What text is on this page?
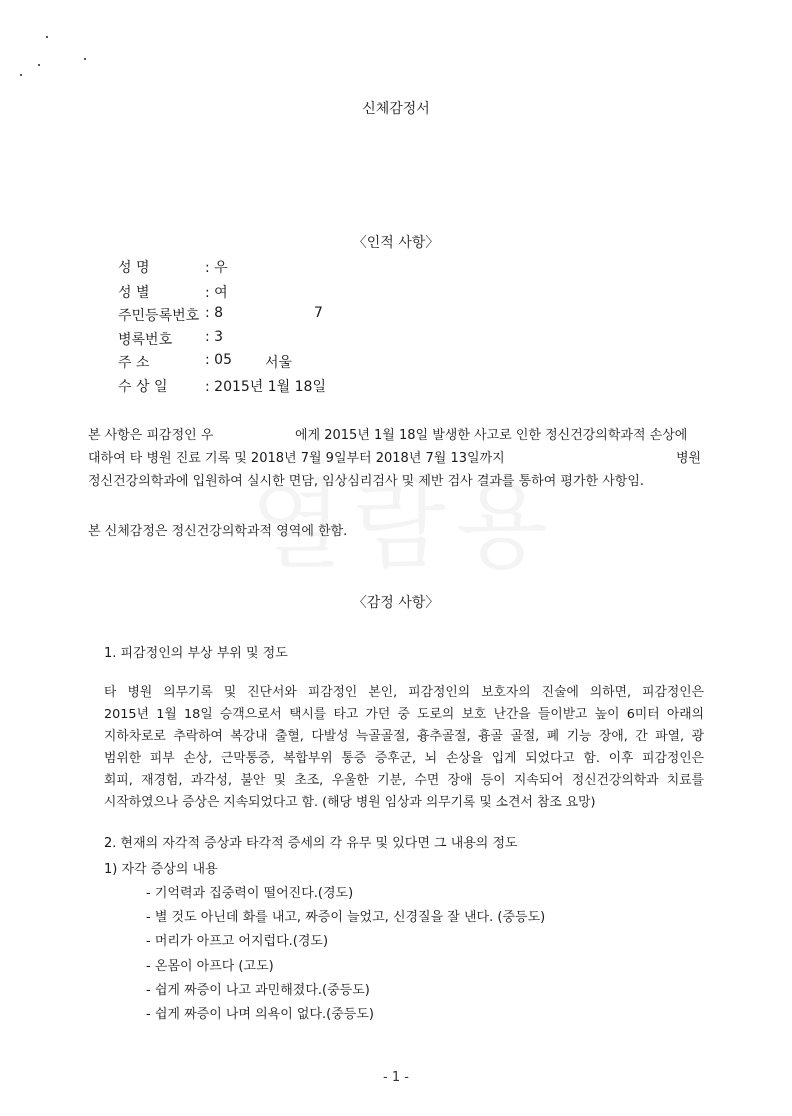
신체감정서
〈인적 사항〉
성 명	: 우
성 별	: 여
주민등록번호 : 8	7
병록번호 : 3
주 소	: 05 서울
수 상 일	: 2015년 1월 18일
본 사항은 피감정인 우	에게 2015년 1월 18일 발생한 사고로 인한 정신건강의학과적 손상에
대하여 타 병원 진료 기록 및 2018년 7월 9일부터 2018년 7월 13일까지	병원
정신건강의학과에 입원하여 실시한 면담, 임상심리검사 및 제반 검사 결과를 통하여 평가한 사항임.
본 신체감정은 정신건강의학과적 영역에 한함.
〈감정 사항〉
1. 피감정인의 부상 부위 및 정도
타 병원 의무기록 및 진단서와 피감정인 본인, 피감정인의 보호자의 진술에 의하면, 피감정인은
2015년 1월 18일 승객으로서 택시를 타고 가던 중 도로의 보호 난간을 들이받고 높이 6미터 아래의
지하차로로 추락하여 복강내 출혈, 다발성 늑골골절, 흉추골절, 흉골 골절, 폐 기능 장애, 간 파열, 광
범위한 피부 손상, 근막통증, 복합부위 통증 증후군, 뇌 손상을 입게 되었다고 함. 이후 피감정인은
회피, 재경험, 과각성, 불안 및 초조, 우울한 기분, 수면 장애 등이 지속되어 정신건강의학과 치료를
시작하였으나 증상은 지속되었다고 함. (해당 병원 임상과 의무기록 및 소견서 참조 요망)
2. 현재의 자각적 증상과 타각적 증세의 각 유무 및 있다면 그 내용의 정도
1) 자각 증상의 내용
- 기억력과 집중력이 떨어진다.(경도)
- 별 것도 아닌데 화를 내고, 짜증이 늘었고, 신경질을 잘 낸다. (중등도)
- 머리가 아프고 어지럽다.(경도)
- 온몸이 아프다 (고도)
- 쉽게 짜증이 나고 과민해졌다.(중등도)
- 쉽게 짜증이 나며 의욕이 없다.(중등도)
- 1 -
